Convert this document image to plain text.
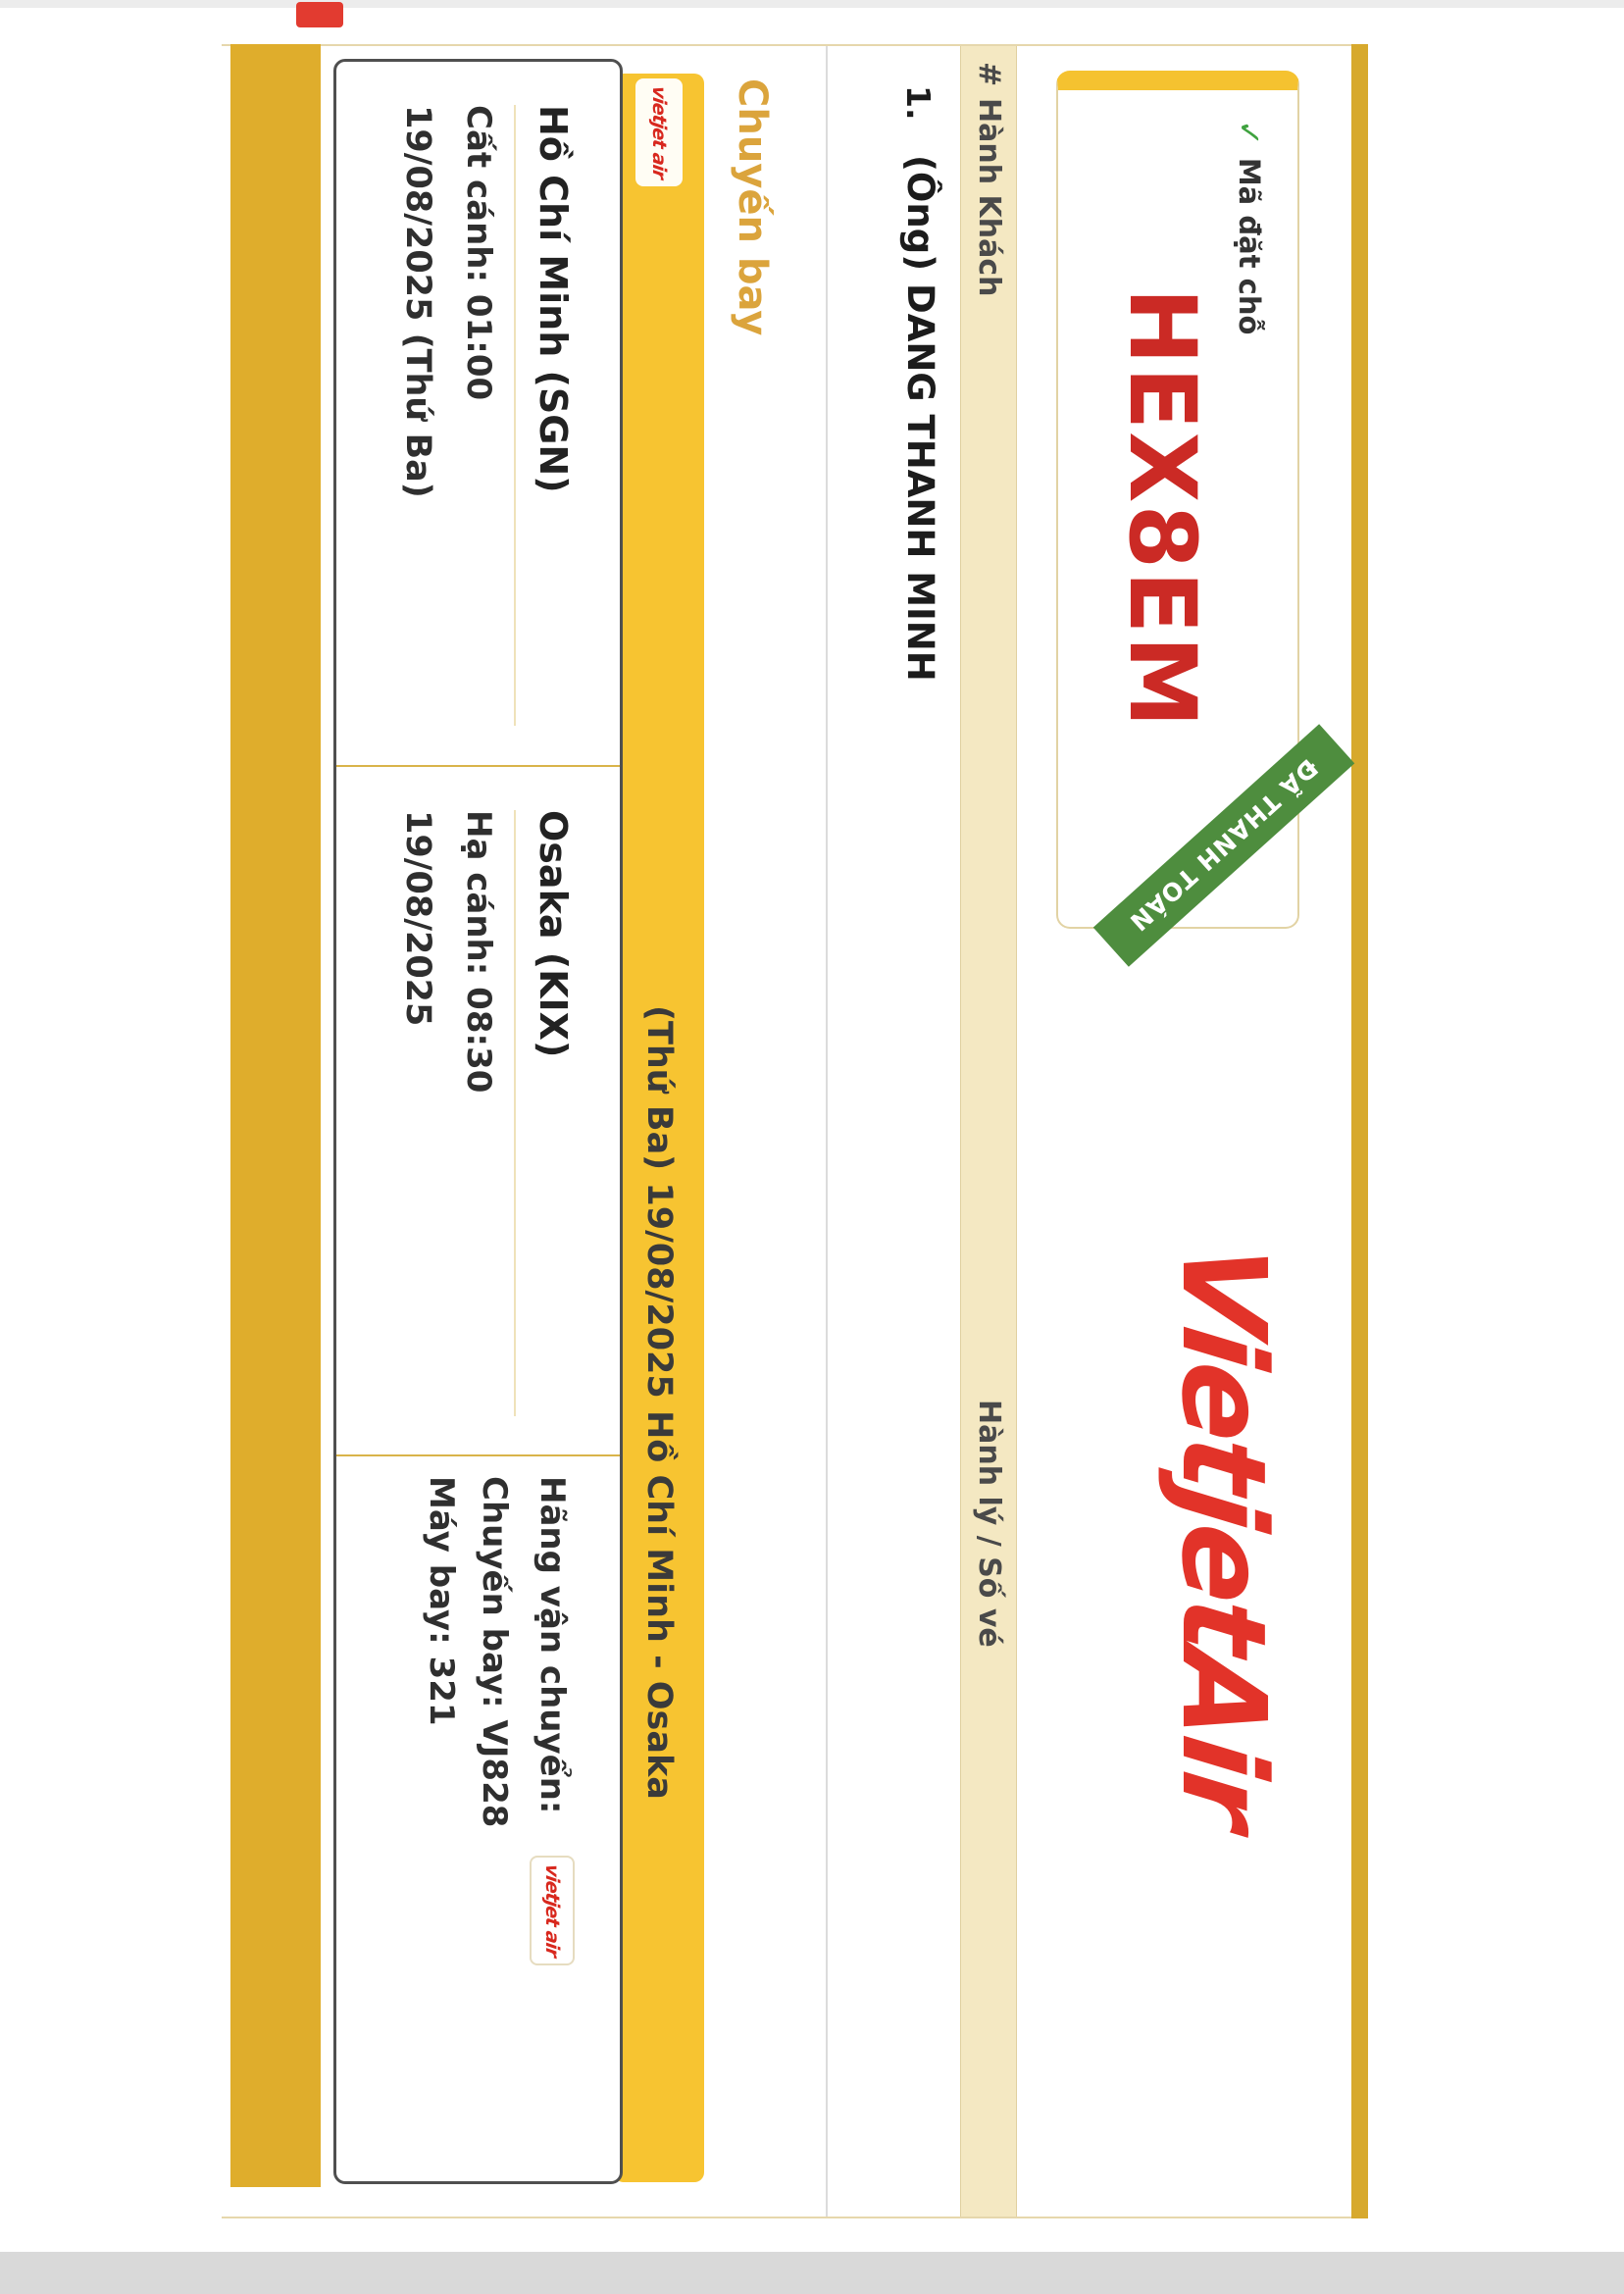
✓
Mã đặt chỗ
HEX8EM
ĐÃ THANH TOÁN
VietjetAir
#
Hành Khách
Hành lý / Số vé
1.
(Ông) DANG THANH MINH
Chuyến bay
vietjet air
(Thứ Ba) 19/08/2025 Hồ Chí Minh - Osaka
Hồ Chí Minh (SGN)
Cất cánh: 01:00
19/08/2025 (Thứ Ba)
Osaka (KIX)
Hạ cánh: 08:30
19/08/2025
Hãng vận chuyển:
vietjet air
Chuyến bay: VJ828
Máy bay: 321
